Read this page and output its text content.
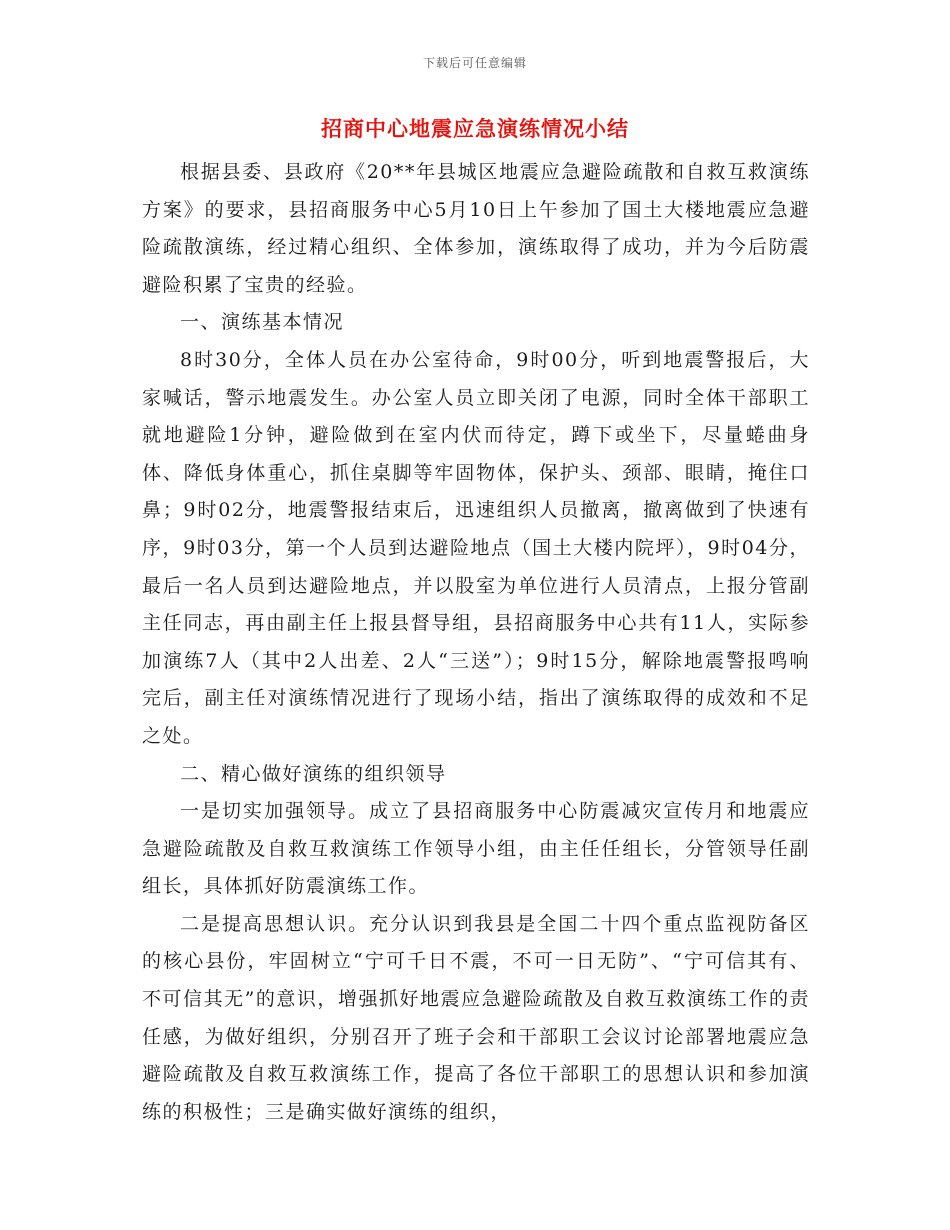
下载后可任意编辑
招商中心地震应急演练情况小结

根据县委、县政府《20**年县城区地震应急避险疏散和自救互救演练方案》的要求，县招商服务中心5月10日上午参加了国土大楼地震应急避险疏散演练，经过精心组织、全体参加，演练取得了成功，并为今后防震避险积累了宝贵的经验。

一、演练基本情况

8时30分，全体人员在办公室待命，9时00分，听到地震警报后，大家喊话，警示地震发生。办公室人员立即关闭了电源，同时全体干部职工就地避险1分钟，避险做到在室内伏而待定，蹲下或坐下，尽量蜷曲身体、降低身体重心，抓住桌脚等牢固物体，保护头、颈部、眼睛，掩住口鼻；9时02分，地震警报结束后，迅速组织人员撤离，撤离做到了快速有序，9时03分，第一个人员到达避险地点（国土大楼内院坪），9时04分，最后一名人员到达避险地点，并以股室为单位进行人员清点，上报分管副主任同志，再由副主任上报县督导组，县招商服务中心共有11人，实际参加演练7人（其中2人出差、2人“三送”）；9时15分，解除地震警报鸣响完后，副主任对演练情况进行了现场小结，指出了演练取得的成效和不足之处。

二、精心做好演练的组织领导

一是切实加强领导。成立了县招商服务中心防震减灾宣传月和地震应急避险疏散及自救互救演练工作领导小组，由主任任组长，分管领导任副组长，具体抓好防震演练工作。

二是提高思想认识。充分认识到我县是全国二十四个重点监视防备区的核心县份，牢固树立“宁可千日不震，不可一日无防”、“宁可信其有、不可信其无”的意识，增强抓好地震应急避险疏散及自救互救演练工作的责任感，为做好组织，分别召开了班子会和干部职工会议讨论部署地震应急避险疏散及自救互救演练工作，提高了各位干部职工的思想认识和参加演练的积极性；三是确实做好演练的组织，
